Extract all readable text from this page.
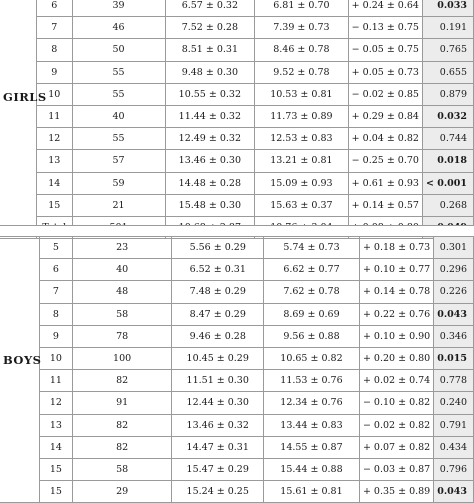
GIRLS	6	39	6.57 ± 0.32	6.81 ± 0.70	+ 0.24 ± 0.64	0.033
	7	46	7.52 ± 0.28	7.39 ± 0.73	− 0.13 ± 0.75	0.191
	8	50	8.51 ± 0.31	8.46 ± 0.78	− 0.05 ± 0.75	0.765
	9	55	9.48 ± 0.30	9.52 ± 0.78	+ 0.05 ± 0.73	0.655
	10	55	10.55 ± 0.32	10.53 ± 0.81	− 0.02 ± 0.85	0.879
	11	40	11.44 ± 0.32	11.73 ± 0.89	+ 0.29 ± 0.84	0.032
	12	55	12.49 ± 0.32	12.53 ± 0.83	+ 0.04 ± 0.82	0.744
	13	57	13.46 ± 0.30	13.21 ± 0.81	− 0.25 ± 0.70	0.018
	14	59	14.48 ± 0.28	15.09 ± 0.93	+ 0.61 ± 0.93	< 0.001
	15	21	15.48 ± 0.30	15.63 ± 0.37	+ 0.14 ± 0.57	0.268

BOYS	5	23	5.56 ± 0.29	5.74 ± 0.73	+ 0.18 ± 0.73	0.301
	6	40	6.52 ± 0.31	6.62 ± 0.77	+ 0.10 ± 0.77	0.296
	7	48	7.48 ± 0.29	7.62 ± 0.78	+ 0.14 ± 0.78	0.226
	8	58	8.47 ± 0.29	8.69 ± 0.69	+ 0.22 ± 0.76	0.043
	9	78	9.46 ± 0.28	9.56 ± 0.88	+ 0.10 ± 0.90	0.346
	10	100	10.45 ± 0.29	10.65 ± 0.82	+ 0.20 ± 0.80	0.015
	11	82	11.51 ± 0.30	11.53 ± 0.76	+ 0.02 ± 0.74	0.778
	12	91	12.44 ± 0.30	12.34 ± 0.76	− 0.10 ± 0.82	0.240
	13	82	13.46 ± 0.32	13.44 ± 0.83	− 0.02 ± 0.82	0.791
	14	82	14.47 ± 0.31	14.55 ± 0.87	+ 0.07 ± 0.82	0.434
	15	58	15.47 ± 0.29	15.44 ± 0.88	− 0.03 ± 0.87	0.796
	15	29	15.24 ± 0.25	15.61 ± 0.81	+ 0.35 ± 0.89	0.043
